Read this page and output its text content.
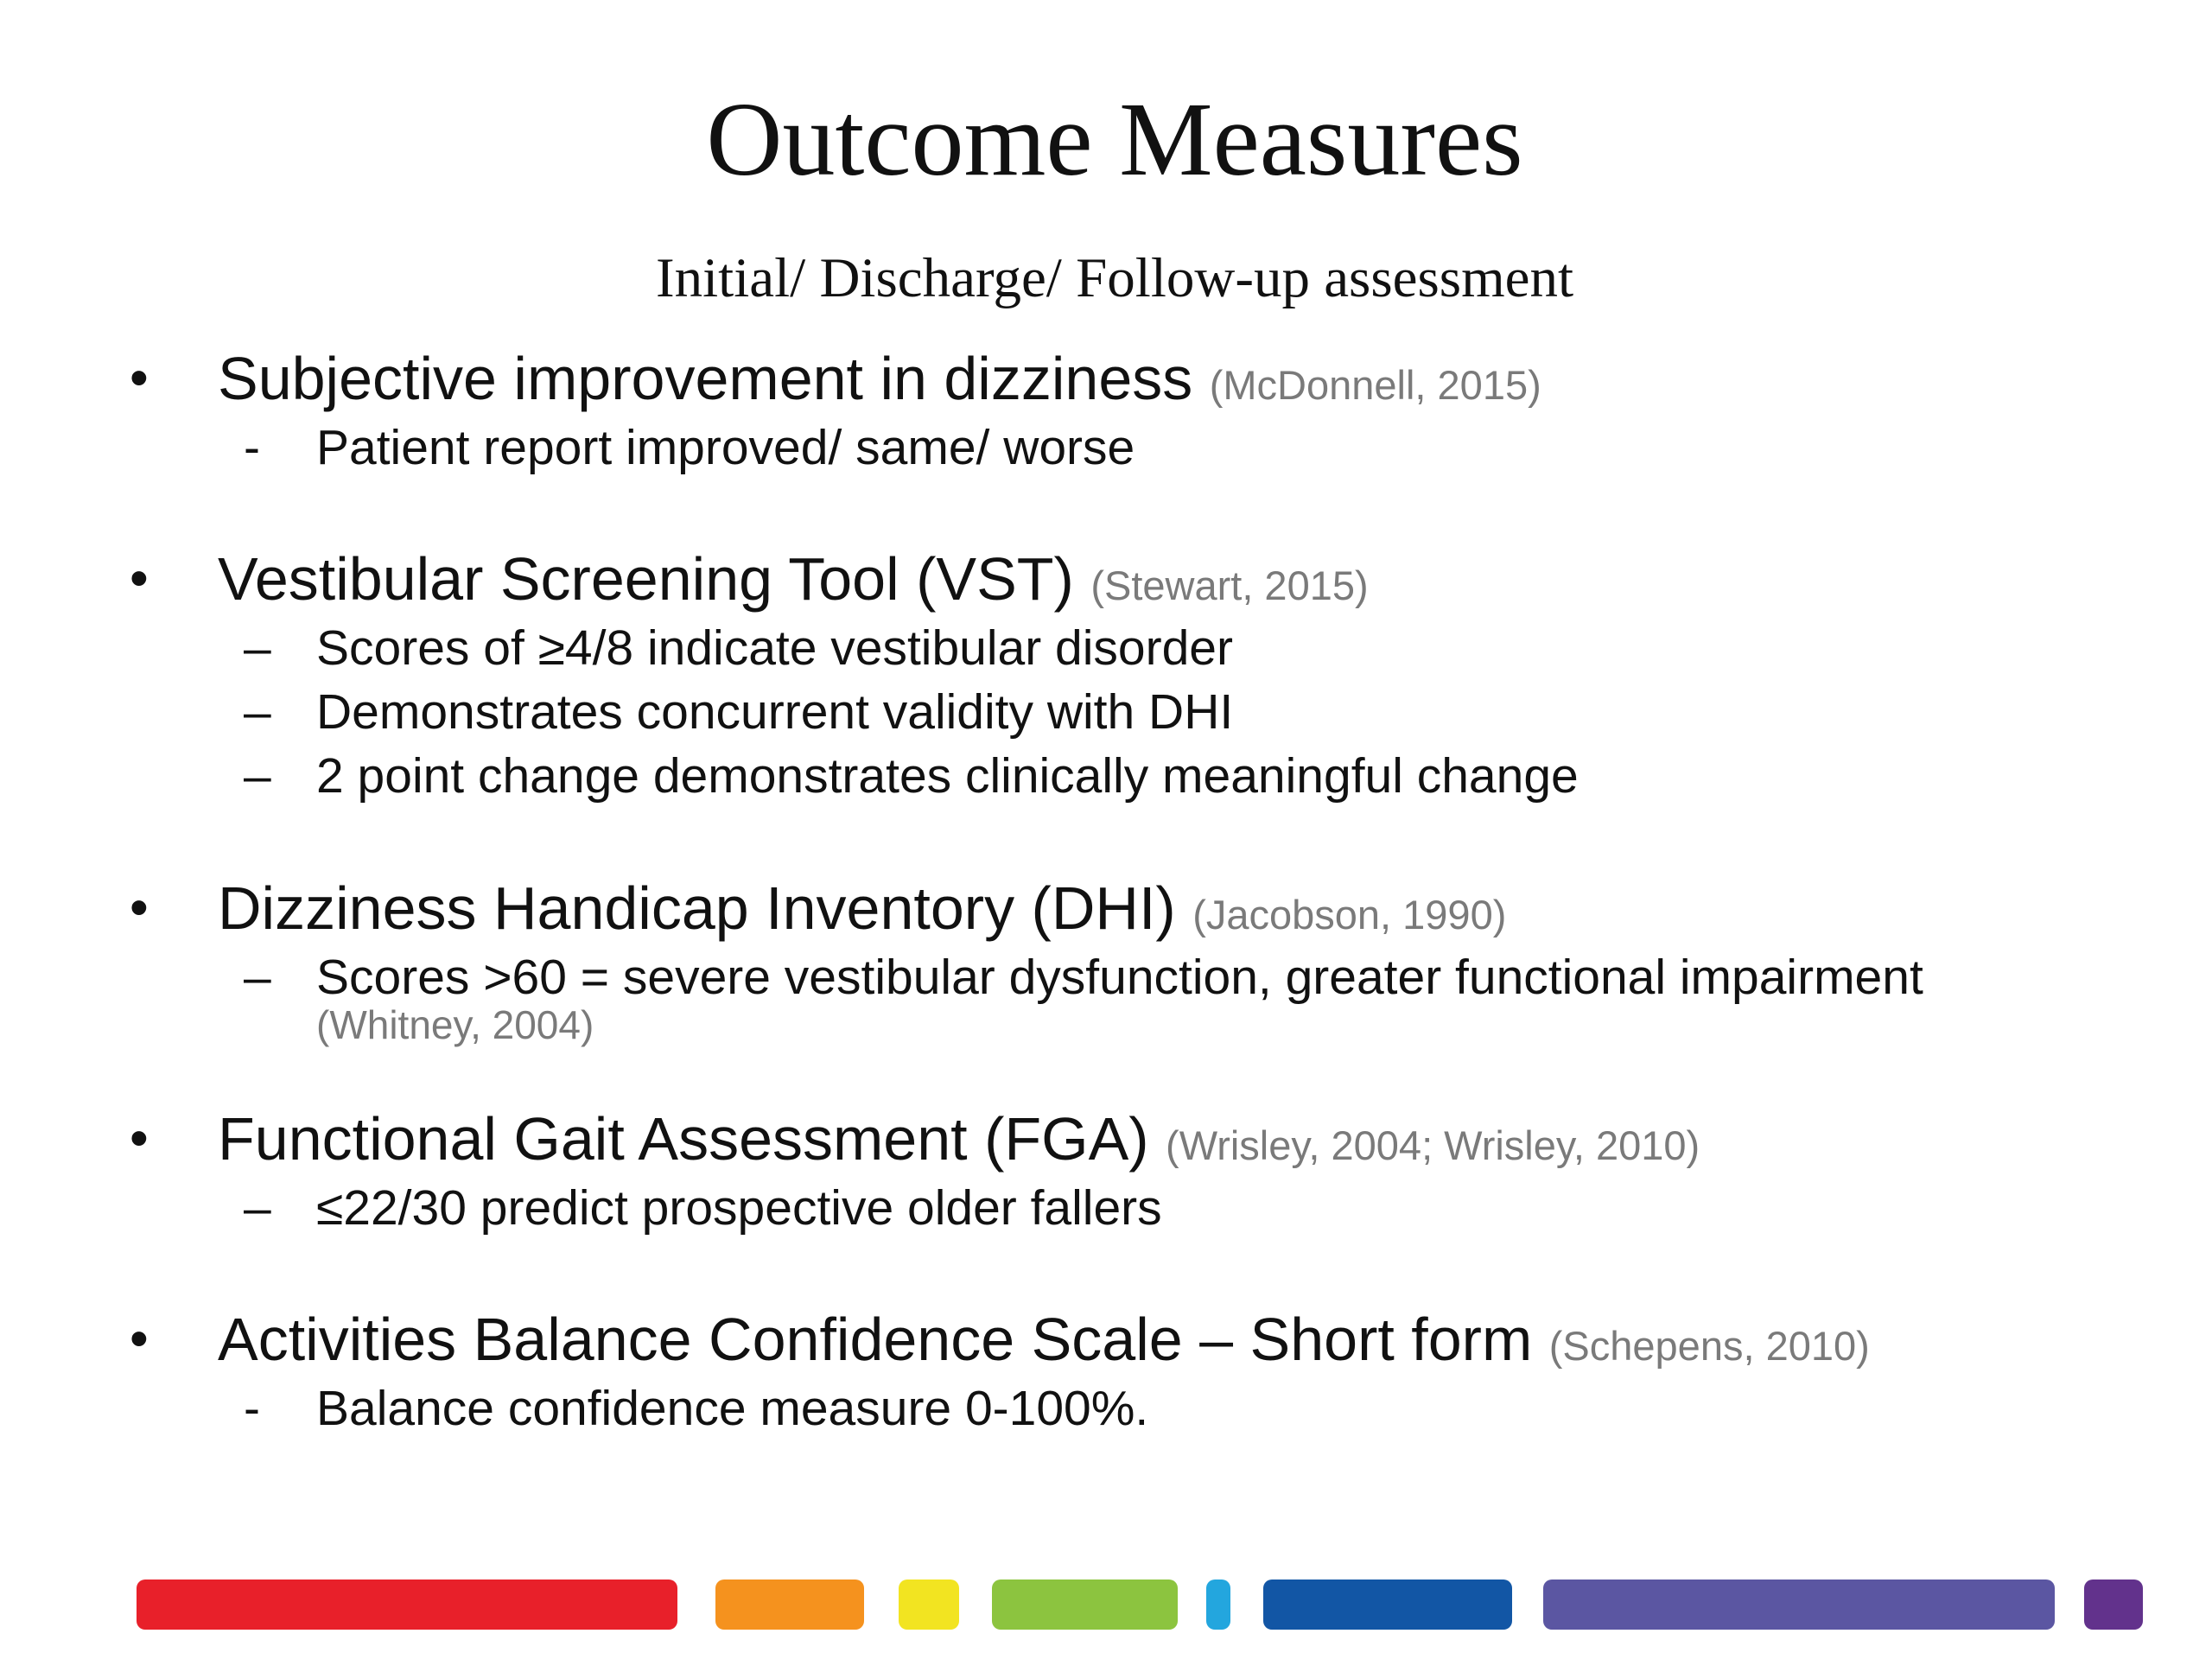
Outcome Measures
Initial/ Discharge/ Follow-up assessment
• Subjective improvement in dizziness (McDonnell, 2015)
- Patient report improved/ same/ worse
• Vestibular Screening Tool (VST) (Stewart, 2015)
– Scores of ≥4/8 indicate vestibular disorder
– Demonstrates concurrent validity with DHI
– 2 point change demonstrates clinically meaningful change
• Dizziness Handicap Inventory (DHI) (Jacobson, 1990)
– Scores >60 = severe vestibular dysfunction, greater functional impairment
(Whitney, 2004)
• Functional Gait Assessment (FGA) (Wrisley, 2004; Wrisley, 2010)
– ≤22/30 predict prospective older fallers
• Activities Balance Confidence Scale – Short form (Schepens, 2010)
- Balance confidence measure 0-100%.
